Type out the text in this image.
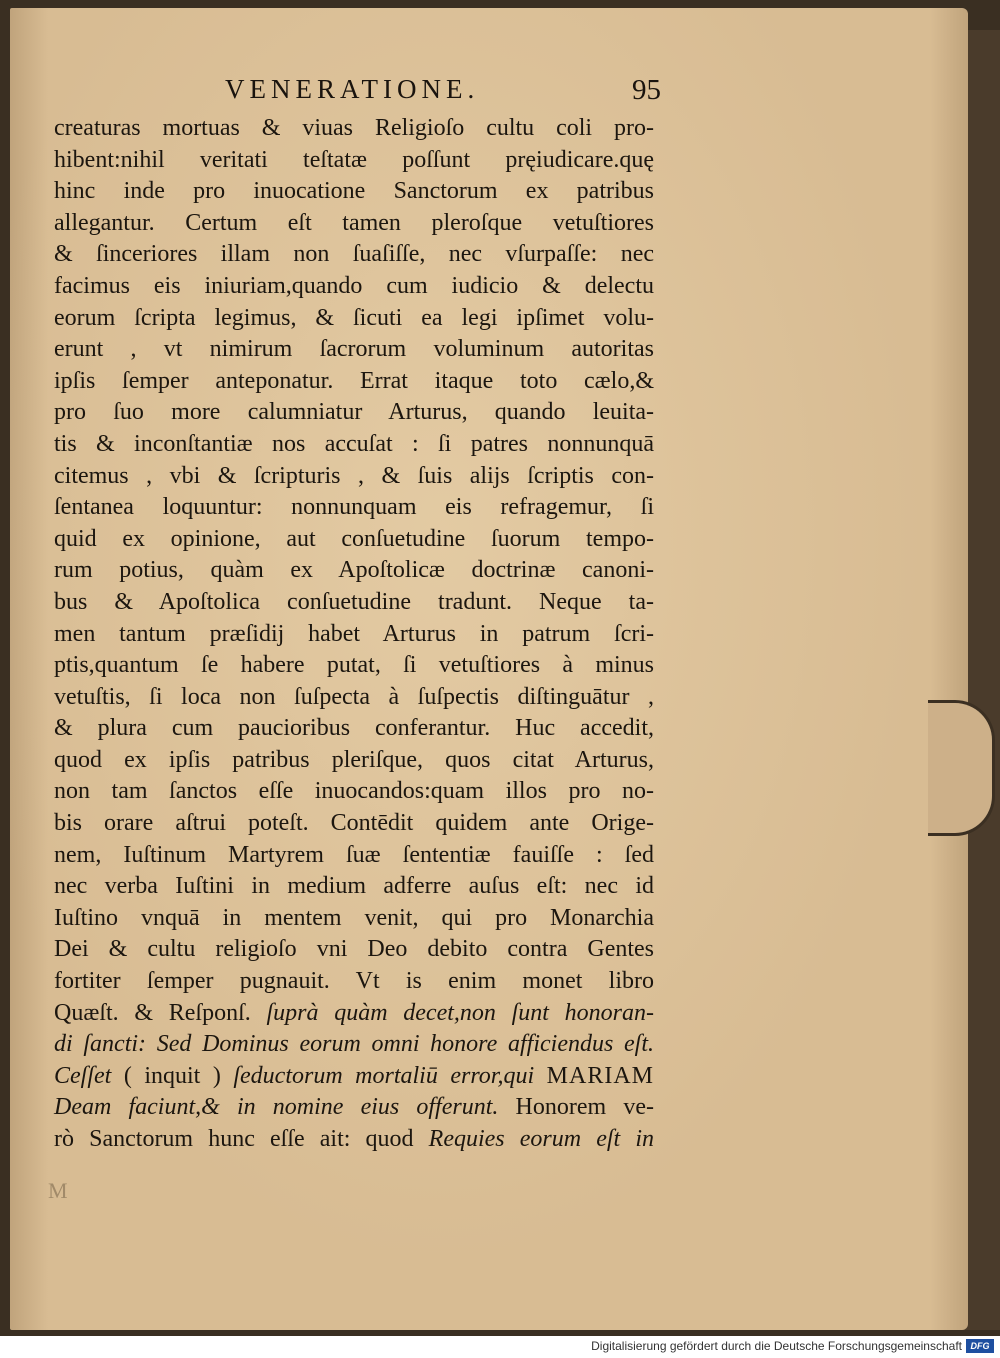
VENERATIONE.	95
creaturas mortuas & viuas Religioſo cultu coli pro-
hibent:nihil veritati teſtatæ poſſunt pręiudicare.quę
hinc inde pro inuocatione Sanctorum ex patribus
allegantur. Certum eſt tamen pleroſque vetuſtiores
& ſinceriores illam non ſuaſiſſe, nec vſurpaſſe: nec
facimus eis iniuriam,quando cum iudicio & delectu
eorum ſcripta legimus, & ſicuti ea legi ipſimet volu-
erunt , vt nimirum ſacrorum voluminum autoritas
ipſis ſemper anteponatur. Errat itaque toto cælo,&
pro ſuo more calumniatur Arturus, quando leuita-
tis & inconſtantiæ nos accuſat : ſi patres nonnunquā
citemus , vbi & ſcripturis , & ſuis alijs ſcriptis con-
ſentanea loquuntur: nonnunquam eis refragemur, ſi
quid ex opinione, aut conſuetudine ſuorum tempo-
rum potius, quàm ex Apoſtolicæ doctrinæ canoni-
bus & Apoſtolica conſuetudine tradunt. Neque ta-
men tantum præſidij habet Arturus in patrum ſcri-
ptis,quantum ſe habere putat, ſi vetuſtiores à minus
vetuſtis, ſi loca non ſuſpecta à ſuſpectis diſtinguātur ,
& plura cum paucioribus conferantur. Huc accedit,
quod ex ipſis patribus pleriſque, quos citat Arturus,
non tam ſanctos eſſe inuocandos:quam illos pro no-
bis orare aſtrui poteſt. Contēdit quidem ante Orige-
nem, Iuſtinum Martyrem ſuæ ſententiæ fauiſſe : ſed
nec verba Iuſtini in medium adferre auſus eſt: nec id
Iuſtino vnquā in mentem venit, qui pro Monarchia
Dei & cultu religioſo vni Deo debito contra Gentes
fortiter ſemper pugnauit. Vt is enim monet libro
Quæſt. & Reſponſ. ſuprà quàm decet,non ſunt honoran-
di ſancti: Sed Dominus eorum omni honore afficiendus eſt.
Ceſſet ( inquit ) ſeductorum mortaliū error,qui MARIAM
Deam faciunt,& in nomine eius offerunt. Honorem ve-
rò Sanctorum hunc eſſe ait: quod Requies eorum eſt in
M
Digitalisierung gefördert durch die Deutsche Forschungsgemeinschaft DFG
